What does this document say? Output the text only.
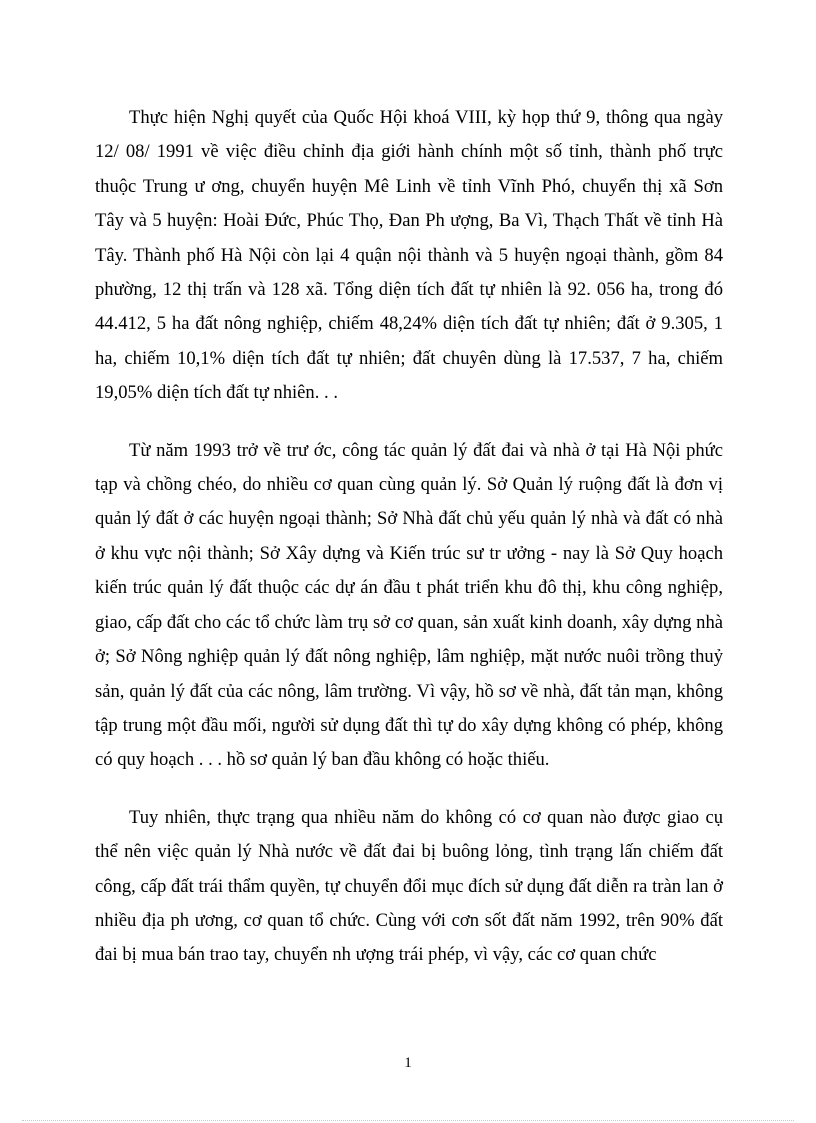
Thực hiện Nghị quyết của Quốc Hội khoá VIII, kỳ họp thứ 9, thông qua ngày 12/ 08/ 1991 về việc điều chỉnh địa giới hành chính một số tỉnh, thành phố trực thuộc Trung ư ơng, chuyển huyện Mê Linh về tỉnh Vĩnh Phó, chuyển thị xã Sơn Tây và 5 huyện: Hoài Đức, Phúc Thọ, Đan Ph ượng, Ba Vì, Thạch Thất về tỉnh Hà Tây. Thành phố Hà Nội còn lại 4 quận nội thành và 5 huyện ngoại thành, gồm 84 phường, 12 thị trấn và 128 xã. Tổng diện tích đất tự nhiên là 92. 056 ha, trong đó 44.412, 5 ha đất nông nghiệp, chiếm 48,24% diện tích đất tự nhiên; đất ở 9.305, 1 ha, chiếm 10,1% diện tích đất tự nhiên; đất chuyên dùng là 17.537, 7 ha, chiếm 19,05% diện tích đất tự nhiên. . .

Từ năm 1993 trở về trư ớc, công tác quản lý đất đai và nhà ở tại Hà Nội phức tạp và chồng chéo, do nhiều cơ quan cùng quản lý. Sở Quản lý ruộng đất là đơn vị quản lý đất ở các huyện ngoại thành; Sở Nhà đất chủ yếu quản lý nhà và đất có nhà ở khu vực nội thành; Sở Xây dựng và Kiến trúc sư tr ưởng - nay là Sở Quy hoạch kiến trúc quản lý đất thuộc các dự án đầu t phát triển khu đô thị, khu công nghiệp, giao, cấp đất cho các tổ chức làm trụ sở cơ quan, sản xuất kinh doanh, xây dựng nhà ở; Sở Nông nghiệp quản lý đất nông nghiệp, lâm nghiệp, mặt nước nuôi trồng thuỷ sản, quản lý đất của các nông, lâm trường. Vì vậy, hồ sơ về nhà, đất tản mạn, không tập trung một đầu mối, người sử dụng đất thì tự do xây dựng không có phép, không có quy hoạch . . . hồ sơ quản lý ban đầu không có hoặc thiếu.

Tuy nhiên, thực trạng qua nhiều năm do không có cơ quan nào được giao cụ thể nên việc quản lý Nhà nước về đất đai bị buông lỏng, tình trạng lấn chiếm đất công, cấp đất trái thẩm quyền, tự chuyển đổi mục đích sử dụng đất diễn ra tràn lan ở nhiều địa ph ương, cơ quan tổ chức. Cùng với cơn sốt đất năm 1992, trên 90% đất đai bị mua bán trao tay, chuyển nh ượng trái phép, vì vậy, các cơ quan chức

1
